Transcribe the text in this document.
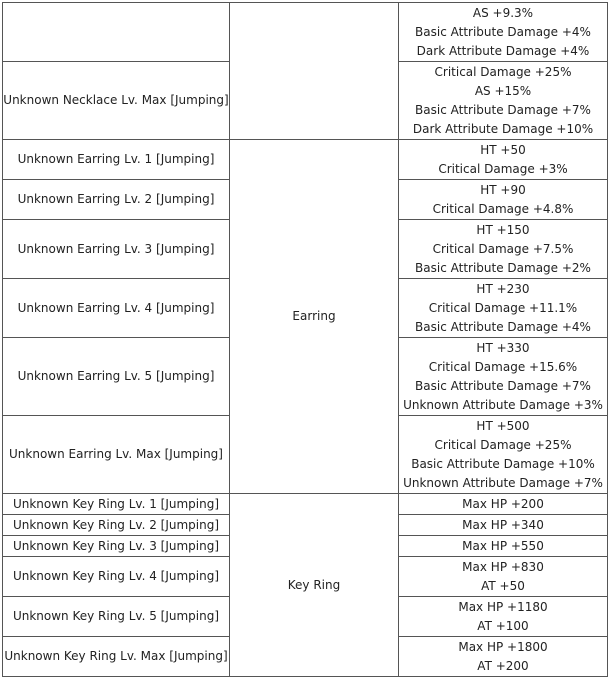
		AS +9.3%
Basic Attribute Damage +4%
Dark Attribute Damage +4%

Unknown Necklace Lv. Max [Jumping]		Critical Damage +25%
AS +15%
Basic Attribute Damage +7%
Dark Attribute Damage +10%

Unknown Earring Lv. 1 [Jumping]	Earring	HT +50
Critical Damage +3%

Unknown Earring Lv. 2 [Jumping]		HT +90
Critical Damage +4.8%

Unknown Earring Lv. 3 [Jumping]		HT +150
Critical Damage +7.5%
Basic Attribute Damage +2%

Unknown Earring Lv. 4 [Jumping]		HT +230
Critical Damage +11.1%
Basic Attribute Damage +4%

Unknown Earring Lv. 5 [Jumping]		HT +330
Critical Damage +15.6%
Basic Attribute Damage +7%
Unknown Attribute Damage +3%

Unknown Earring Lv. Max [Jumping]		HT +500
Critical Damage +25%
Basic Attribute Damage +10%
Unknown Attribute Damage +7%

Unknown Key Ring Lv. 1 [Jumping]	Key Ring	Max HP +200

Unknown Key Ring Lv. 2 [Jumping]		Max HP +340

Unknown Key Ring Lv. 3 [Jumping]		Max HP +550

Unknown Key Ring Lv. 4 [Jumping]		Max HP +830
AT +50

Unknown Key Ring Lv. 5 [Jumping]		Max HP +1180
AT +100

Unknown Key Ring Lv. Max [Jumping]		Max HP +1800
AT +200
